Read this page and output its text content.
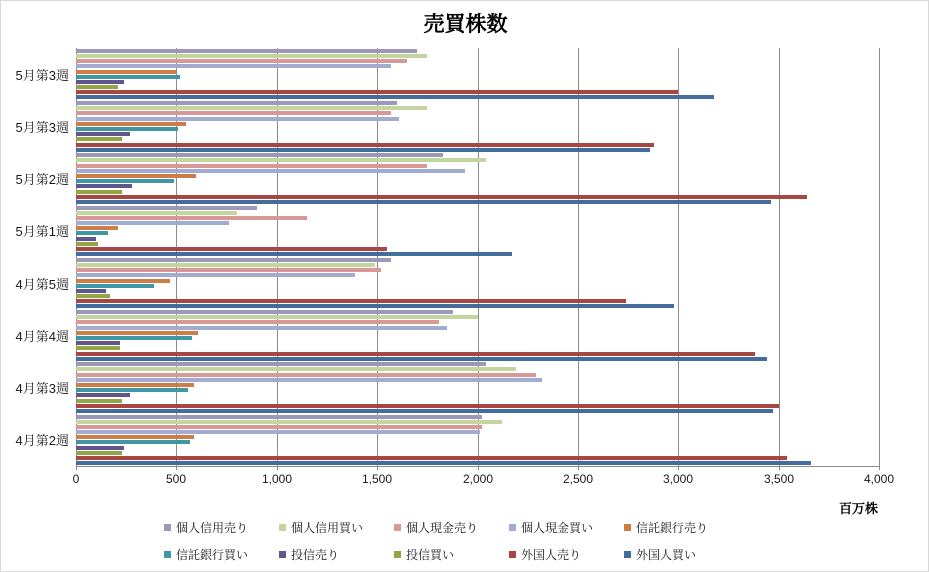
売買株数
5月第3週
5月第3週
5月第2週
5月第1週
4月第5週
4月第4週
4月第3週
4月第2週
0	500	1,000	1,500	2,000	2,500	3,000	3,500	4,000
百万株
個人信用売り	個人信用買い	個人現金売り	個人現金買い	信託銀行売り
信託銀行買い	投信売り	投信買い	外国人売り	外国人買い
